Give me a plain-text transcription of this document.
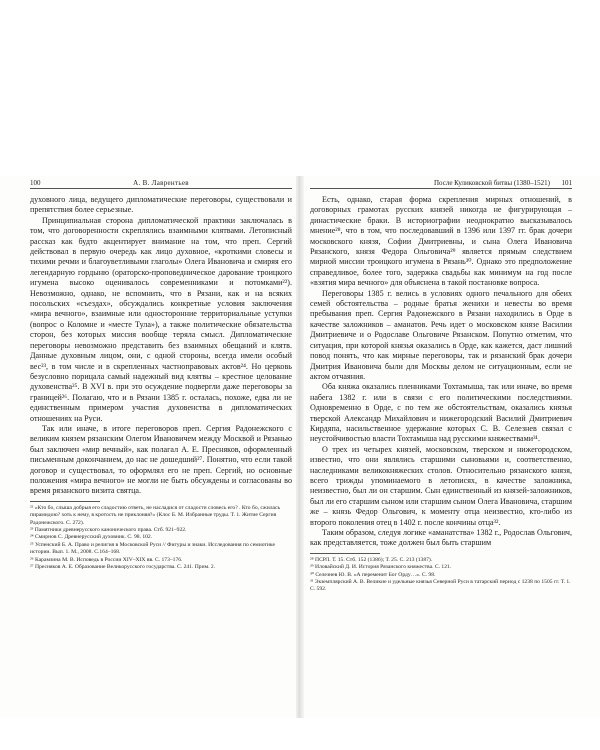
100	А. В. Лаврентьев

духовного лица, ведущего дипломатические переговоры, существовали и препятствия более серьезные.

Принципиальная сторона дипломатической практики заключалась в том, что договоренности скреплялись взаимными клятвами. Летописный рассказ как будто акцентирует внимание на том, что преп. Сергий действовал в первую очередь как лицо духовное, «кроткими словесы и тихими речми и благоуветливыми глаголы» Олега Ивановича и смиряя его легендарную гордыню (ораторско-проповедническое дарование троицкого игумена высоко оценивалось современниками и потомками²²). Невозможно, однако, не вспомнить, что в Рязани, как и на всяких посольских «съездах», обсуждались конкретные условия заключения «мира вечного», взаимные или односторонние территориальные уступки (вопрос о Коломне и «месте Тула»), а также политические обязательства сторон, без которых миссия вообще теряла смысл. Дипломатические переговоры невозможно представить без взаимных обещаний и клятв. Данные духовным лицом, они, с одной стороны, всегда имели особый вес²³, в том числе и в скрепленных частноправовых актов²⁴. Но церковь безусловно порицала самый надежный вид клятвы – крестное целование духовенства²⁵. В XVI в. при это осуждение подвергли даже переговоры за границей²⁶. Полагаю, что и в Рязани 1385 г. осталась, похоже, едва ли не единственным примером участия духовенства в дипломатических отношениях на Руси.

Так или иначе, в итоге переговоров преп. Сергия Радонежского с великим князем рязанским Олегом Ивановичем между Москвой и Рязанью был заключен «мир вечный», как полагал А. Е. Пресняков, оформленный письменным докончанием, до нас не дошедший²⁷. Понятно, что если такой договор и существовал, то оформлял его не преп. Сергий, но основные положения «мира вечного» не могли не быть обсуждены и согласованы во время рязанского визита святца.

²² «Кто бо, слыша добрыя его сладостию ответь, не насладися от сладости словесь его? . Кто бо, сжилась пирамидою? хоть к нему, в кротость не приклоняя?» (Клос Б. М. Избранные труды. Т. 1. Житие Сергия Радонежского. С. 272).

²³ Памятники древнерусского канонического права. Стб. 921–922.

²⁴ Смирнов С. Древнерусский духовник. С. 98. 102.

²⁵ Успенский Б. А. Право и религия в Московской Руси // Фигуры и знаки. Исследования по семиотике истории. Вып. 1. М., 2008. С.164–168.

²⁶ Карамзина М. В. Исповедь в России XIV–XIX вв. С. 173–176.

²⁷ Пресняков А. Е. Образование Великорусского государства. С. 241. Прим. 2.

После Куликовской битвы (1380–1521) 101

Есть, однако, старая форма скрепления мирных отношений, в договорных грамотах русских князей никогда не фигурирующая – династические браки. В историографии неоднократно высказывалось мнение²⁸, что в том, что последовавший в 1396 или 1397 гг. брак дочери московского князя, Софии Дмитриевны, и сына Олега Ивановича Рязанского, князя Федора Ольговича²⁹ является прямым следствием мирной миссии троицкого игумена в Рязань³⁰. Однако это предположение справедливое, более того, задержка свадьбы как минимум на год после «взятия мира вечного» для объяснена в такой постановке вопроса.

Переговоры 1385 г. велись в условиях одного печального для обеих семей обстоятельства – родные братья женихи и невесты во время пребывания преп. Сергия Радонежского в Рязани находились в Орде в качестве заложников – аманатов. Речь идет о московском князе Василии Дмитриевиче и о Родославе Ольговиче Рязанском. Попутно отметим, что ситуация, при которой князья оказались в Орде, как кажется, даст лишний повод понять, что как мирные переговоры, так и рязанский брак дочери Дмитрия Ивановича были для Москвы делом не ситуационным, если не актом отчаяния.

Оба княжа оказались пленниками Тохтамыша, так или иначе, во время набега 1382 г. или в связи с его политическими последствиями. Одновременно в Орде, с по тем же обстоятельствам, оказались князья тверской Александр Михайлович и нижегородский Василий Дмитриевич Кирдяпа, насильственное удержание которых С. В. Селезнев связал с неустойчивостью власти Тохтамыша над русскими княжествами³¹.

О трех из четырех князей, московском, тверском и нижегородском, известно, что они являлись старшими сыновьями и, соответственно, наследниками великокняжеских столов. Относительно рязанского князя, всего трижды упоминаемого в летописях, в качестве заложника, неизвестно, был ли он старшим. Сын единственный из князей-заложников, был ли его старшим сыном или старшим сыном Олега Ивановича, старшим же – князь Федор Ольгович, к моменту отца неизвестно, кто-либо из второго поколения отец в 1402 г. после кончины отца³².

Таким образом, следуя логике «аманатства» 1382 г., Родослав Ольгович, как представляется, тоже должен был быть старшим

²⁸ ПСРЛ. Т. 15. Стб. 152 (1386); Т. 25. С. 213 (1387).

²⁹ Иловайский Д. И. История Рязанского княжества. С. 121.

³⁰ Селезнев Ю. В. «А переменит Бог Орду…». С. 98.

³¹ Экземплярский А. В. Великие и удельные князья Северной Руси в татарский период с 1238 по 1505 гг. Т. 1. С. 592.
